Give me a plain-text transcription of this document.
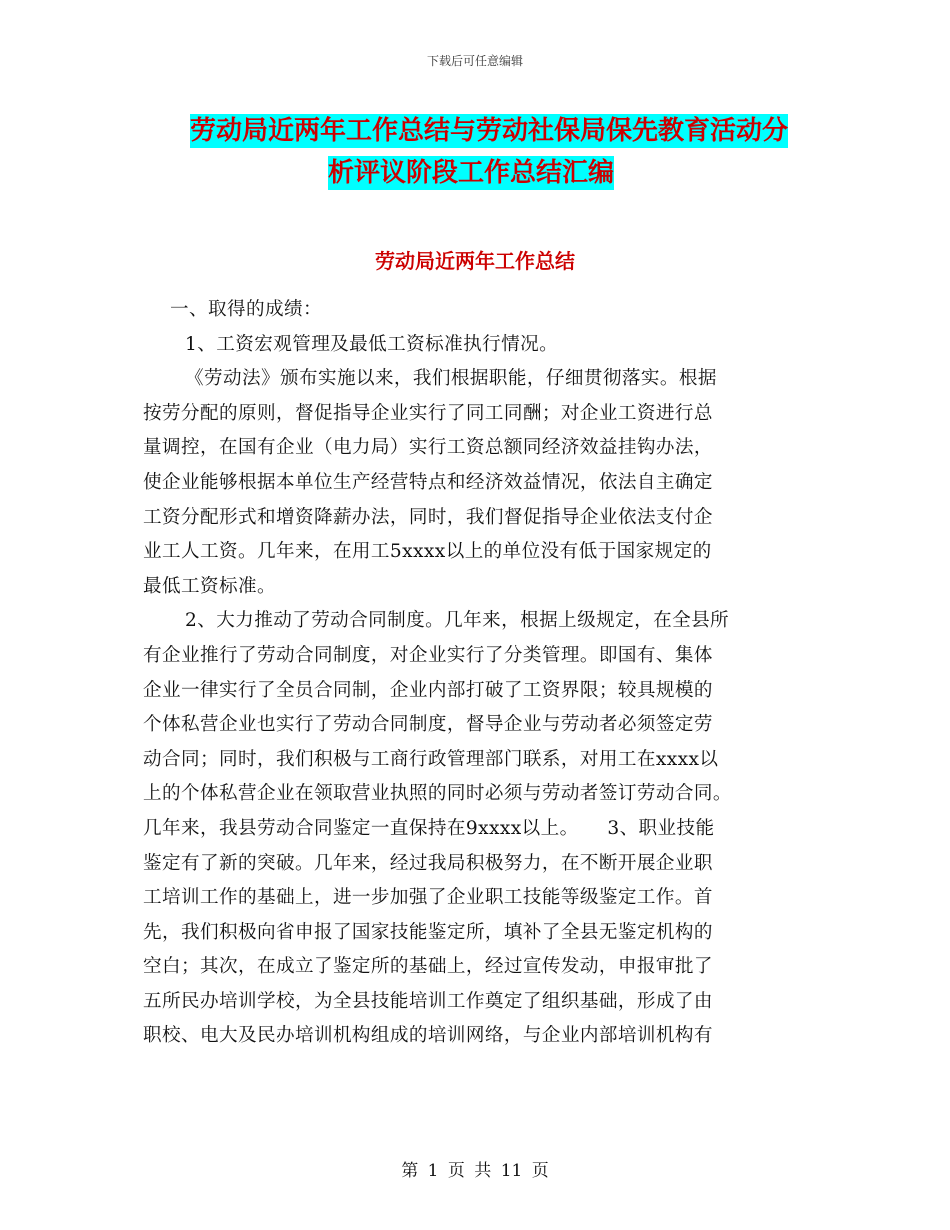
下载后可任意编辑
劳动局近两年工作总结与劳动社保局保先教育活动分
析评议阶段工作总结汇编
劳动局近两年工作总结
一、取得的成绩：
1、工资宏观管理及最低工资标准执行情况。
《劳动法》颁布实施以来，我们根据职能，仔细贯彻落实。根据
按劳分配的原则，督促指导企业实行了同工同酬；对企业工资进行总
量调控，在国有企业（电力局）实行工资总额同经济效益挂钩办法，
使企业能够根据本单位生产经营特点和经济效益情况，依法自主确定
工资分配形式和增资降薪办法，同时，我们督促指导企业依法支付企
业工人工资。几年来，在用工5xxxx以上的单位没有低于国家规定的
最低工资标准。
2、大力推动了劳动合同制度。几年来，根据上级规定，在全县所
有企业推行了劳动合同制度，对企业实行了分类管理。即国有、集体
企业一律实行了全员合同制，企业内部打破了工资界限；较具规模的
个体私营企业也实行了劳动合同制度，督导企业与劳动者必须签定劳
动合同；同时，我们积极与工商行政管理部门联系，对用工在xxxx以
上的个体私营企业在领取营业执照的同时必须与劳动者签订劳动合同。
几年来，我县劳动合同鉴定一直保持在9xxxx以上。　　3、职业技能
鉴定有了新的突破。几年来，经过我局积极努力，在不断开展企业职
工培训工作的基础上，进一步加强了企业职工技能等级鉴定工作。首
先，我们积极向省申报了国家技能鉴定所，填补了全县无鉴定机构的
空白；其次，在成立了鉴定所的基础上，经过宣传发动，申报审批了
五所民办培训学校，为全县技能培训工作奠定了组织基础，形成了由
职校、电大及民办培训机构组成的培训网络，与企业内部培训机构有
第 1 页 共 11 页
